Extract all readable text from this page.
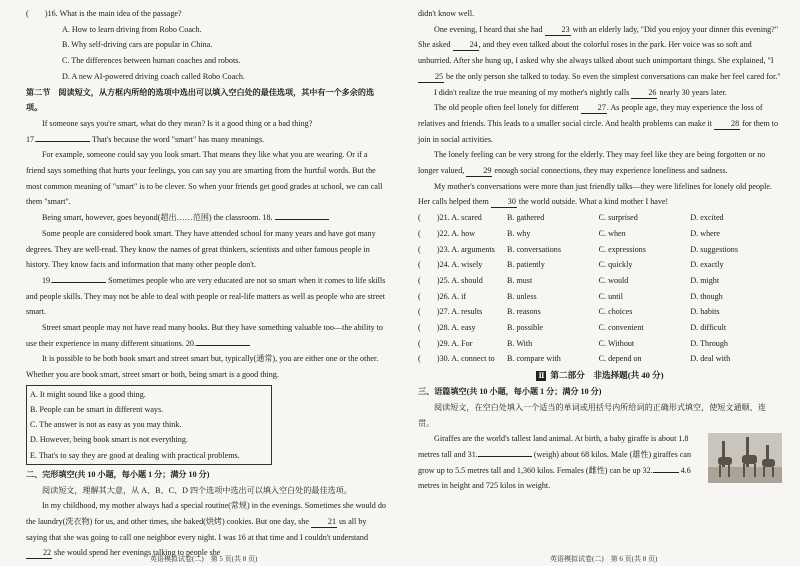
(　　)16. What is the main idea of the passage?

A. How to learn driving from Robo Coach.

B. Why self-driving cars are popular in China.

C. The differences between human coaches and robots.

D. A new AI-powered driving coach called Robo Coach.

第二节　阅读短文，从方框内所给的选项中选出可以填入空白处的最佳选项，其中有一个多余的选项。

If someone says you're smart, what do they mean? Is it a good thing or a bad thing?

17.	That's because the word "smart" has many meanings.

For example, someone could say you look smart. That means they like what you are wearing. Or if a friend says something that hurts your feelings, you can say you are smarting from the hurtful words. But the most common meaning of "smart" is to be clever. So when your friends get good grades at school, we can call them "smart".

Being smart, however, goes beyond(超出……范围) the classroom. 18.

Some people are considered book smart. They have attended school for many years and have got many degrees. They are well-read. They know the names of great thinkers, scientists and other famous people in history. They know facts and information that many other people don't.

19.	Sometimes people who are very educated are not so smart when it comes to life skills and people skills. They may not be able to deal with people or real-life matters as well as people who are street smart.

Street smart people may not have read many books. But they have something valuable too—the ability to use their experience in many different situations. 20.

It is possible to be both book smart and street smart but, typically(通常), you are either one or the other. Whether you are book smart, street smart or both, being smart is a good thing.

A. It might sound like a good thing.

B. People can be smart in different ways.

C. The answer is not as easy as you may think.

D. However, being book smart is not everything.

E. That's to say they are good at dealing with practical problems.

二、完形填空(共 10 小题，每小题 1 分；满分 10 分)

阅读短文，理解其大意，从 A、B、C、D 四个选项中选出可以填入空白处的最佳选项。

In my childhood, my mother always had a special routine(常规) in the evenings. Sometimes she would do the laundry(洗衣物) for us, and other times, she baked(烘烤) cookies. But one day, she 21 us all by saying that she was going to call one neighbor every night. I was 16 at that time and I couldn't understand 22 she would spend her evenings talking to people she

英语模拟试卷(二)　第 5 页(共 8 页)

didn't know well.

One evening, I heard that she had 23 with an elderly lady, "Did you enjoy your dinner this evening?" She asked 24, and they even talked about the colorful roses in the park. Her voice was so soft and unhurried. After she hung up, I asked why she always talked about such unimportant things. She explained, "I 25 be the only person she talked to today. So even the simplest conversations can make her feel cared for."

I didn't realize the true meaning of my mother's nightly calls 26 nearly 30 years later.

The old people often feel lonely for different 27. As people age, they may experience the loss of relatives and friends. This leads to a smaller social circle. And health problems can make it 28 for them to join in social activities.

The lonely feeling can be very strong for the elderly. They may feel like they are being forgotten or no longer valued, 29 enough social connections, they may experience loneliness and sadness.

My mother's conversations were more than just friendly talks—they were lifelines for lonely old people. Her calls helped them 30 the world outside. What a kind mother I have!

(　　)21. A. scared	B. gathered	C. surprised	D. excited
(　　)22. A. how	B. why	C. when	D. where
(　　)23. A. arguments	B. conversations	C. expressions	D. suggestions
(　　)24. A. wisely	B. patiently	C. quickly	D. exactly
(　　)25. A. should	B. must	C. would	D. might
(　　)26. A. if	B. unless	C. until	D. though
(　　)27. A. results	B. reasons	C. choices	D. habits
(　　)28. A. easy	B. possible	C. convenient	D. difficult
(　　)29. A. For	B. With	C. Without	D. Through
(　　)30. A. connect to	B. compare with	C. depend on	D. deal with
Ⅱ 第二部分　非选择题(共 40 分)

三、语篇填空(共 10 小题，每小题 1 分；满分 10 分)

阅读短文，在空白处填入一个适当的单词或用括号内所给词的正确形式填空，使短文通顺、连贯。

Giraffes are the world's tallest land animal. At birth, a baby giraffe is about 1.8 metres tall and 31.	(weigh) about 68 kilos. Male (雄性) giraffes can grow up to 5.5 metres tall and 1,360 kilos. Females (雌性) can be up 32.	4.6 metres in height and 725 kilos in weight.

英语模拟试卷(二)　第 6 页(共 8 页)
